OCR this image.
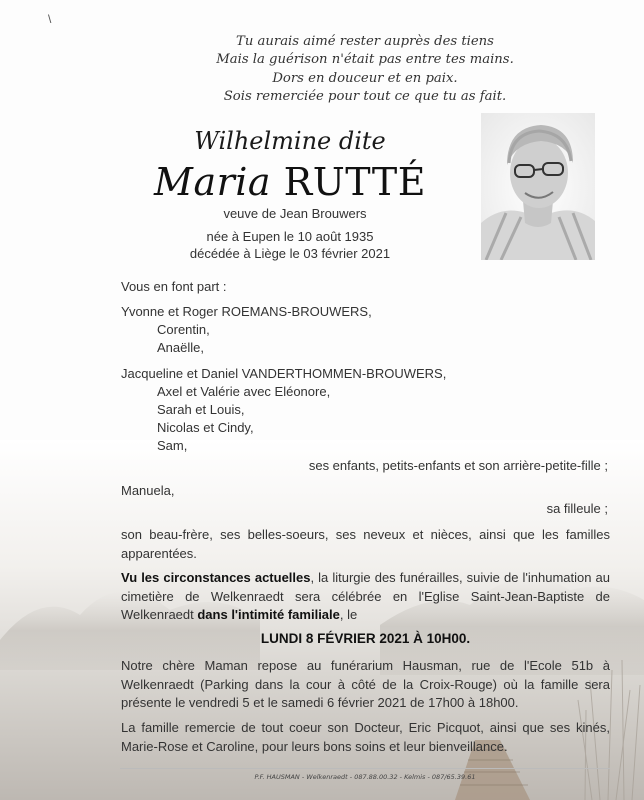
\
Tu aurais aimé rester auprès des tiens
Mais la guérison n'était pas entre tes mains.
Dors en douceur et en paix.
Sois remerciée pour tout ce que tu as fait.
Wilhelmine dite
Maria RUTTÉ
veuve de Jean Brouwers
née à Eupen le 10 août 1935
décédée à Liège le 03 février 2021
Vous en font part :
Yvonne et Roger ROEMANS-BROUWERS,
Corentin,
Anaëlle,
Jacqueline et Daniel VANDERTHOMMEN-BROUWERS,
Axel et Valérie avec Eléonore,
Sarah et Louis,
Nicolas et Cindy,
Sam,
ses enfants, petits-enfants et son arrière-petite-fille ;
Manuela,
sa filleule ;
son beau-frère, ses belles-soeurs, ses neveux et nièces, ainsi que les familles apparentées.
Vu les circonstances actuelles, la liturgie des funérailles, suivie de l'inhumation au cimetière de Welkenraedt sera célébrée en l'Eglise Saint-Jean-Baptiste de Welkenraedt dans l'intimité familiale, le
LUNDI 8 FÉVRIER 2021 À 10H00.
Notre chère Maman repose au funérarium Hausman, rue de l'Ecole 51b à Welkenraedt (Parking dans la cour à côté de la Croix-Rouge) où la famille sera présente le vendredi 5 et le samedi 6 février 2021 de 17h00 à 18h00.
La famille remercie de tout coeur son Docteur, Eric Picquot, ainsi que ses kinés, Marie-Rose et Caroline, pour leurs bons soins et leur bienveillance.
P.F. HAUSMAN - Welkenraedt - 087.88.00.32 - Kelmis - 087/65.39.61
